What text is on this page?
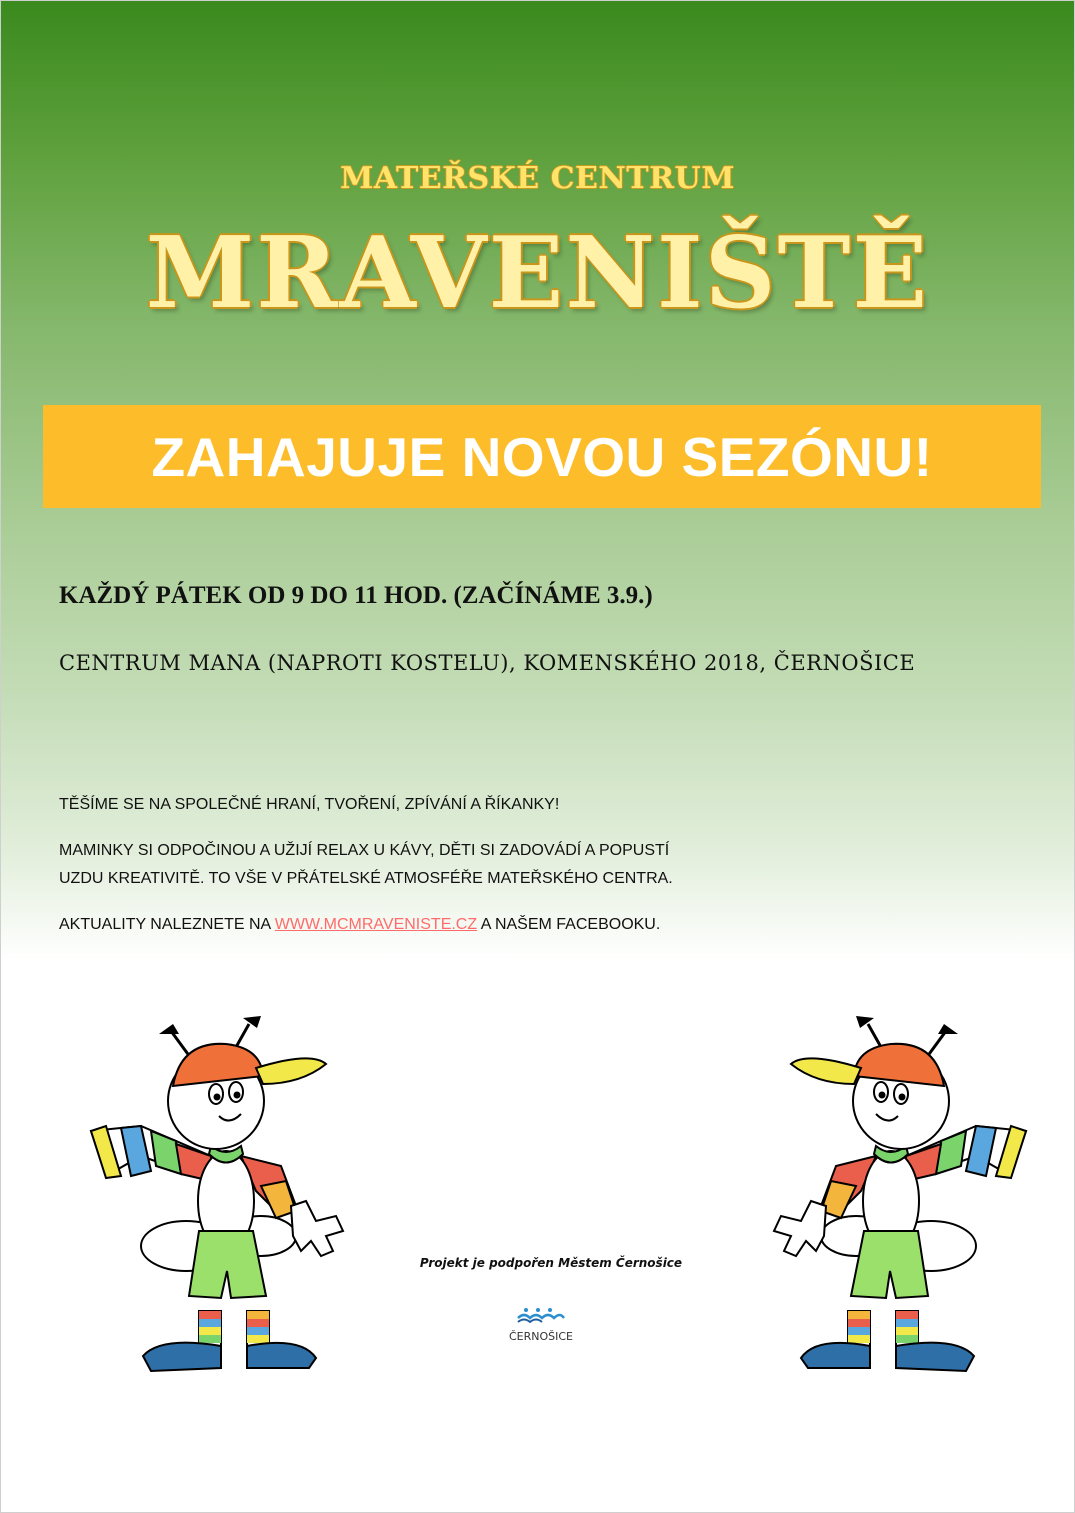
MATEŘSKÉ CENTRUM
MRAVENIŠTĚ
ZAHAJUJE NOVOU SEZÓNU!
KAŽDÝ PÁTEK OD 9 DO 11 HOD. (ZAČÍNÁME 3.9.)
CENTRUM MANA (NAPROTI KOSTELU), KOMENSKÉHO 2018, ČERNOŠICE
TĚŠÍME SE NA SPOLEČNÉ HRANÍ, TVOŘENÍ, ZPÍVÁNÍ A ŘÍKANKY!
MAMINKY SI ODPOČINOU A UŽIJÍ RELAX U KÁVY, DĚTI SI ZADOVÁDÍ A POPUSTÍ
UZDU KREATIVITĚ. TO VŠE V PŘÁTELSKÉ ATMOSFÉŘE MATEŘSKÉHO CENTRA.
AKTUALITY NALEZNETE NA WWW.MCMRAVENISTE.CZ A NAŠEM FACEBOOKU.
Projekt je podpořen Městem Černošice
ČERNOŠICE
